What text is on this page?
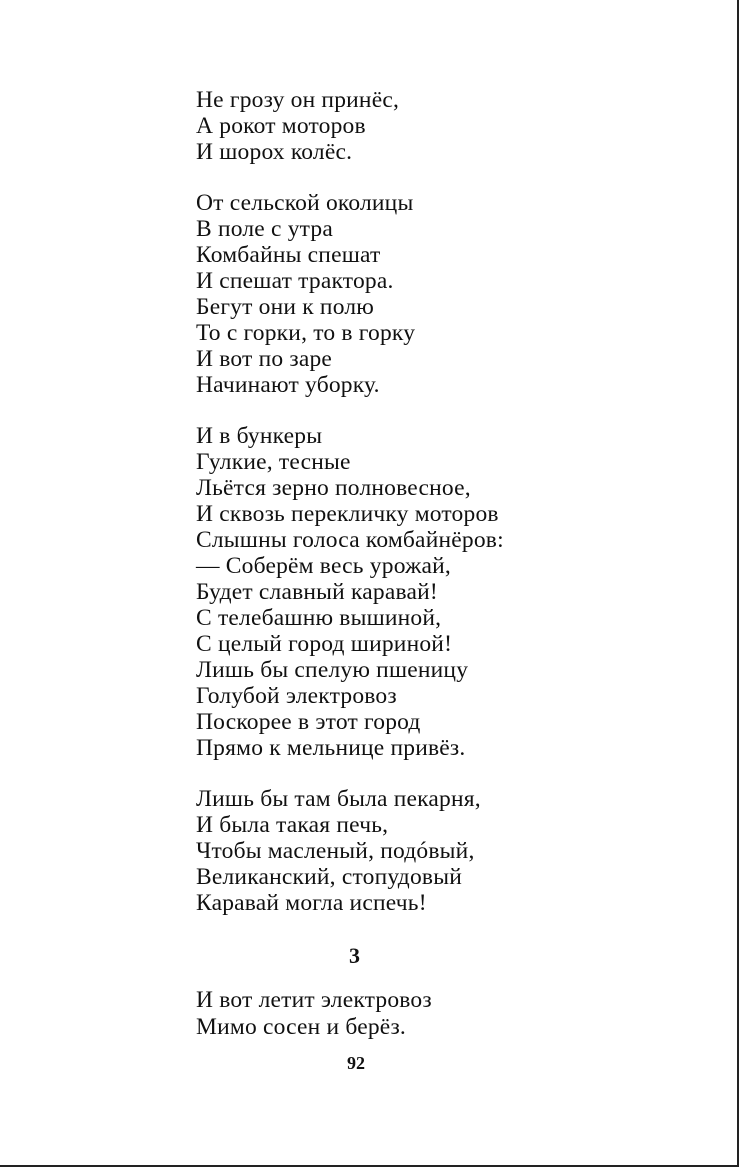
Не грозу он принёс,
А рокот моторов
И шорох колёс.
От сельской околицы
В поле с утра
Комбайны спешат
И спешат трактора.
Бегут они к полю
То с горки, то в горку
И вот по заре
Начинают уборку.
И в бункеры
Гулкие, тесные
Льётся зерно полновесное,
И сквозь перекличку моторов
Слышны голоса комбайнёров:
— Соберём весь урожай,
Будет славный каравай!
С телебашню вышиной,
С целый город шириной!
Лишь бы спелую пшеницу
Голубой электровоз
Поскорее в этот город
Прямо к мельнице привёз.
Лишь бы там была пекарня,
И была такая печь,
Чтобы масленый, подóвый,
Великанский, стопудовый
Каравай могла испечь!
3
И вот летит электровоз
Мимо сосен и берёз.
92
